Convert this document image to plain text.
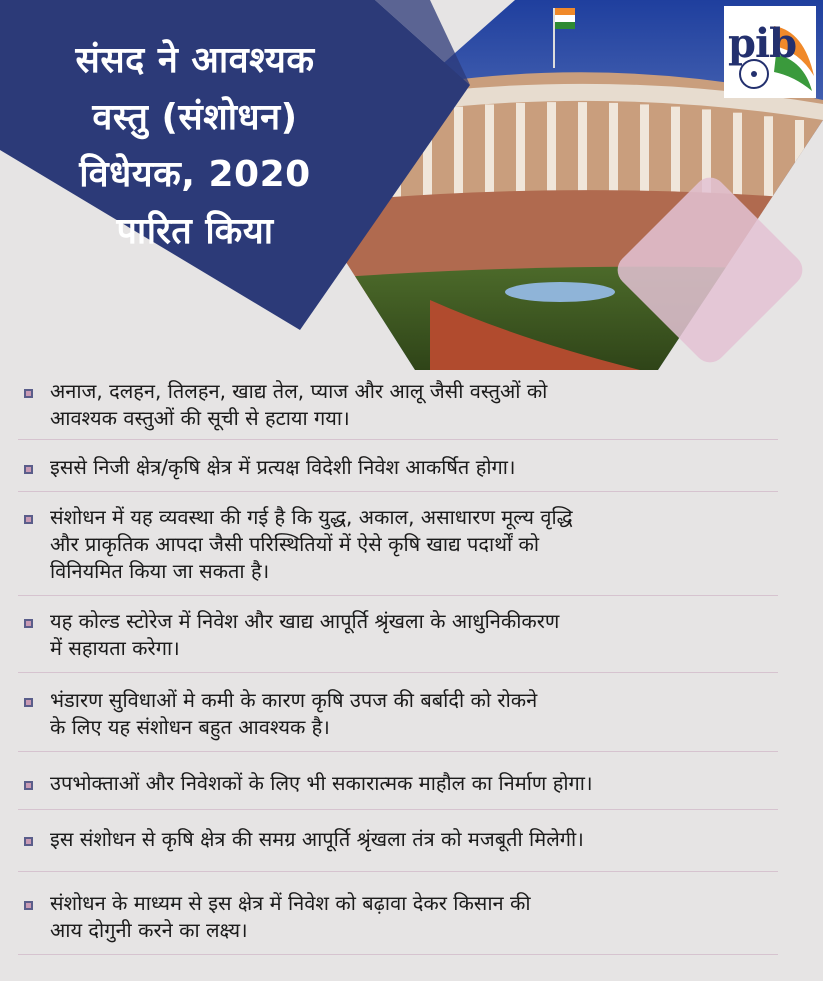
संसद ने आवश्यक
वस्तु (संशोधन)
विधेयक, 2020
पारित किया
pib
अनाज, दलहन, तिलहन, खाद्य तेल, प्याज और आलू जैसी वस्तुओं को
आवश्यक वस्तुओं की सूची से हटाया गया।
इससे निजी क्षेत्र/कृषि क्षेत्र में प्रत्यक्ष विदेशी निवेश आकर्षित होगा।
संशोधन में यह व्यवस्था की गई है कि युद्ध, अकाल, असाधारण मूल्य वृद्धि
और प्राकृतिक आपदा जैसी परिस्थितियों में ऐसे कृषि खाद्य पदार्थों को
विनियमित किया जा सकता है।
यह कोल्ड स्टोरेज में निवेश और खाद्य आपूर्ति श्रृंखला के आधुनिकीकरण
में सहायता करेगा।
भंडारण सुविधाओं मे कमी के कारण कृषि उपज की बर्बादी को रोकने
के लिए यह संशोधन बहुत आवश्यक है।
उपभोक्ताओं और निवेशकों के लिए भी सकारात्मक माहौल का निर्माण होगा।
इस संशोधन से कृषि क्षेत्र की समग्र आपूर्ति श्रृंखला तंत्र को मजबूती मिलेगी।
संशोधन के माध्यम से इस क्षेत्र में निवेश को बढ़ावा देकर किसान की
आय दोगुनी करने का लक्ष्य।
